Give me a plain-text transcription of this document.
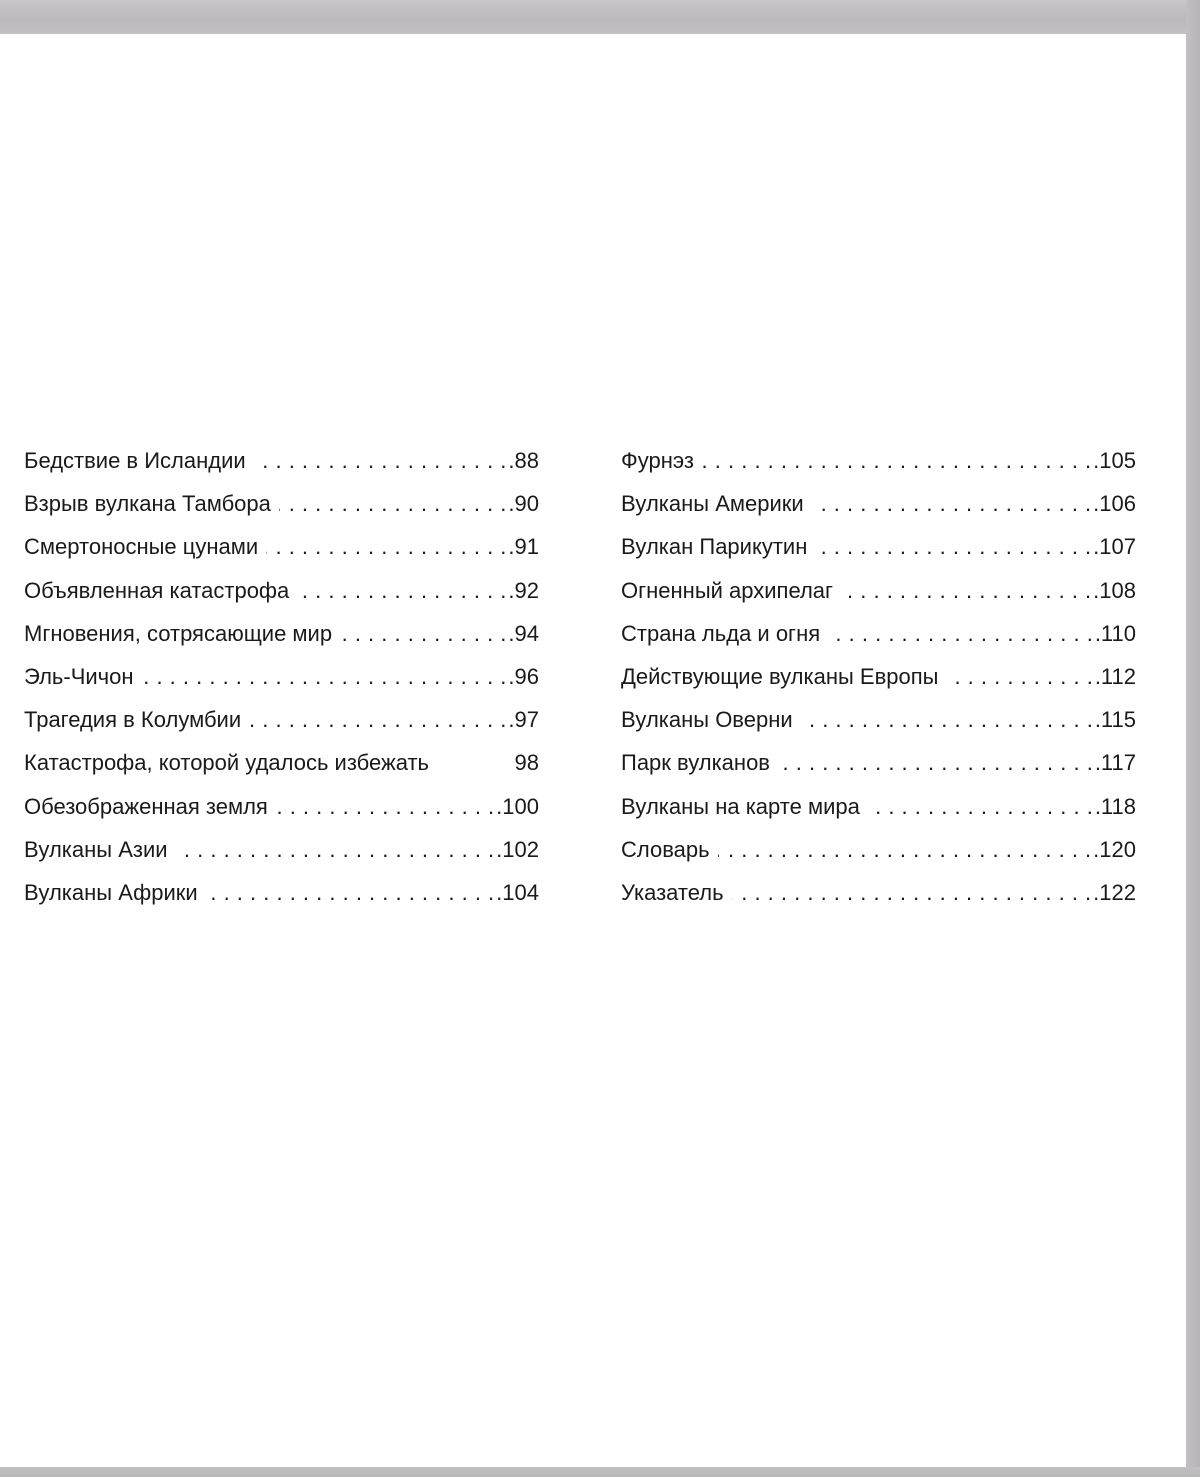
Бедствие в Исландии . . .	.88
Взрыв вулкана Тамбора . . .	.90
Смертоносные цунами . . .	.91
Объявленная катастрофа . . .	.92
Мгновения, сотрясающие мир . . .	.94
Эль-Чичон . . .	.96
Трагедия в Колумбии . . .	.97
Катастрофа, которой удалось избежать	98
Обезображенная земля . . .	.100
Вулканы Азии . . .	.102
Вулканы Африки . . .	.104
Фурнэз . . .	.105
Вулканы Америки . . .	.106
Вулкан Парикутин . . .	.107
Огненный архипелаг . . .	.108
Страна льда и огня . . .	.110
Действующие вулканы Европы . . .	.112
Вулканы Оверни . . .	.115
Парк вулканов . . .	.117
Вулканы на карте мира . . .	.118
Словарь . . .	.120
Указатель . . .	.122
